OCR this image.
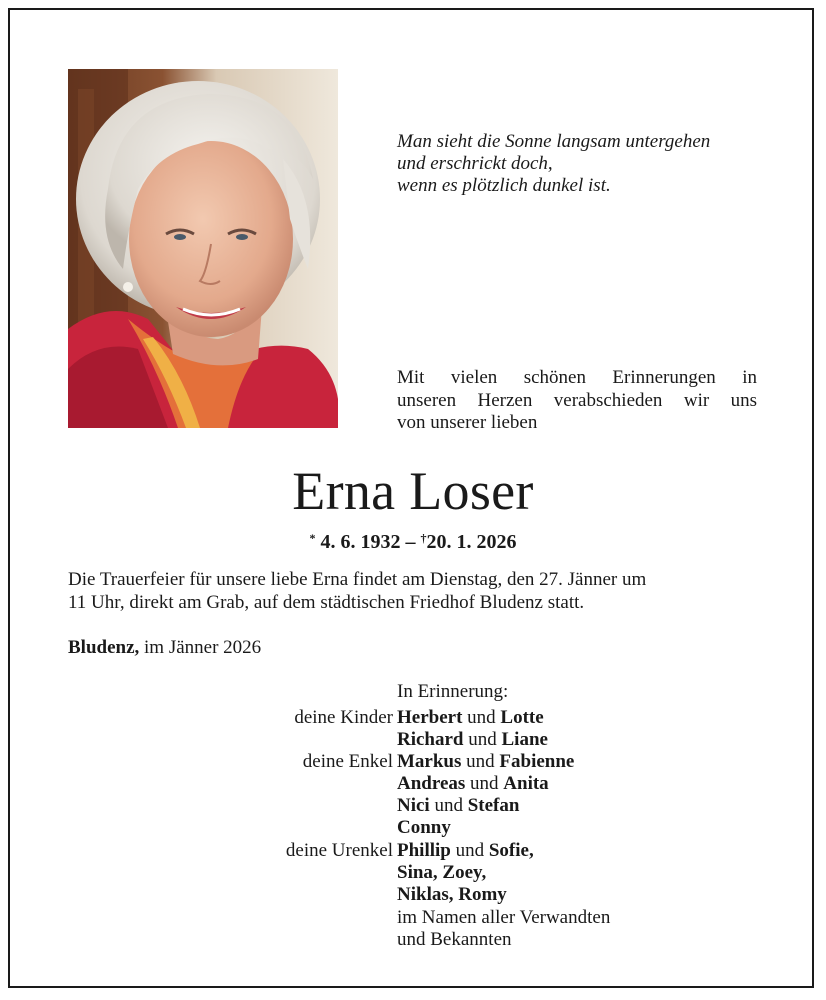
Man sieht die Sonne langsam untergehen
und erschrickt doch,
wenn es plötzlich dunkel ist.
Mit vielen schönen Erinnerungen in
unseren Herzen verabschieden wir uns
von unserer lieben
Erna Loser
* 4. 6. 1932 – †20. 1. 2026
Die Trauerfeier für unsere liebe Erna findet am Dienstag, den 27. Jänner um
11 Uhr, direkt am Grab, auf dem städtischen Friedhof Bludenz statt.
Bludenz, im Jänner 2026
In Erinnerung:
deine Kinder Herbert und Lotte
Richard und Liane
deine Enkel Markus und Fabienne
Andreas und Anita
Nici und Stefan
Conny
deine Urenkel Phillip und Sofie,
Sina, Zoey,
Niklas, Romy
im Namen aller Verwandten
und Bekannten
